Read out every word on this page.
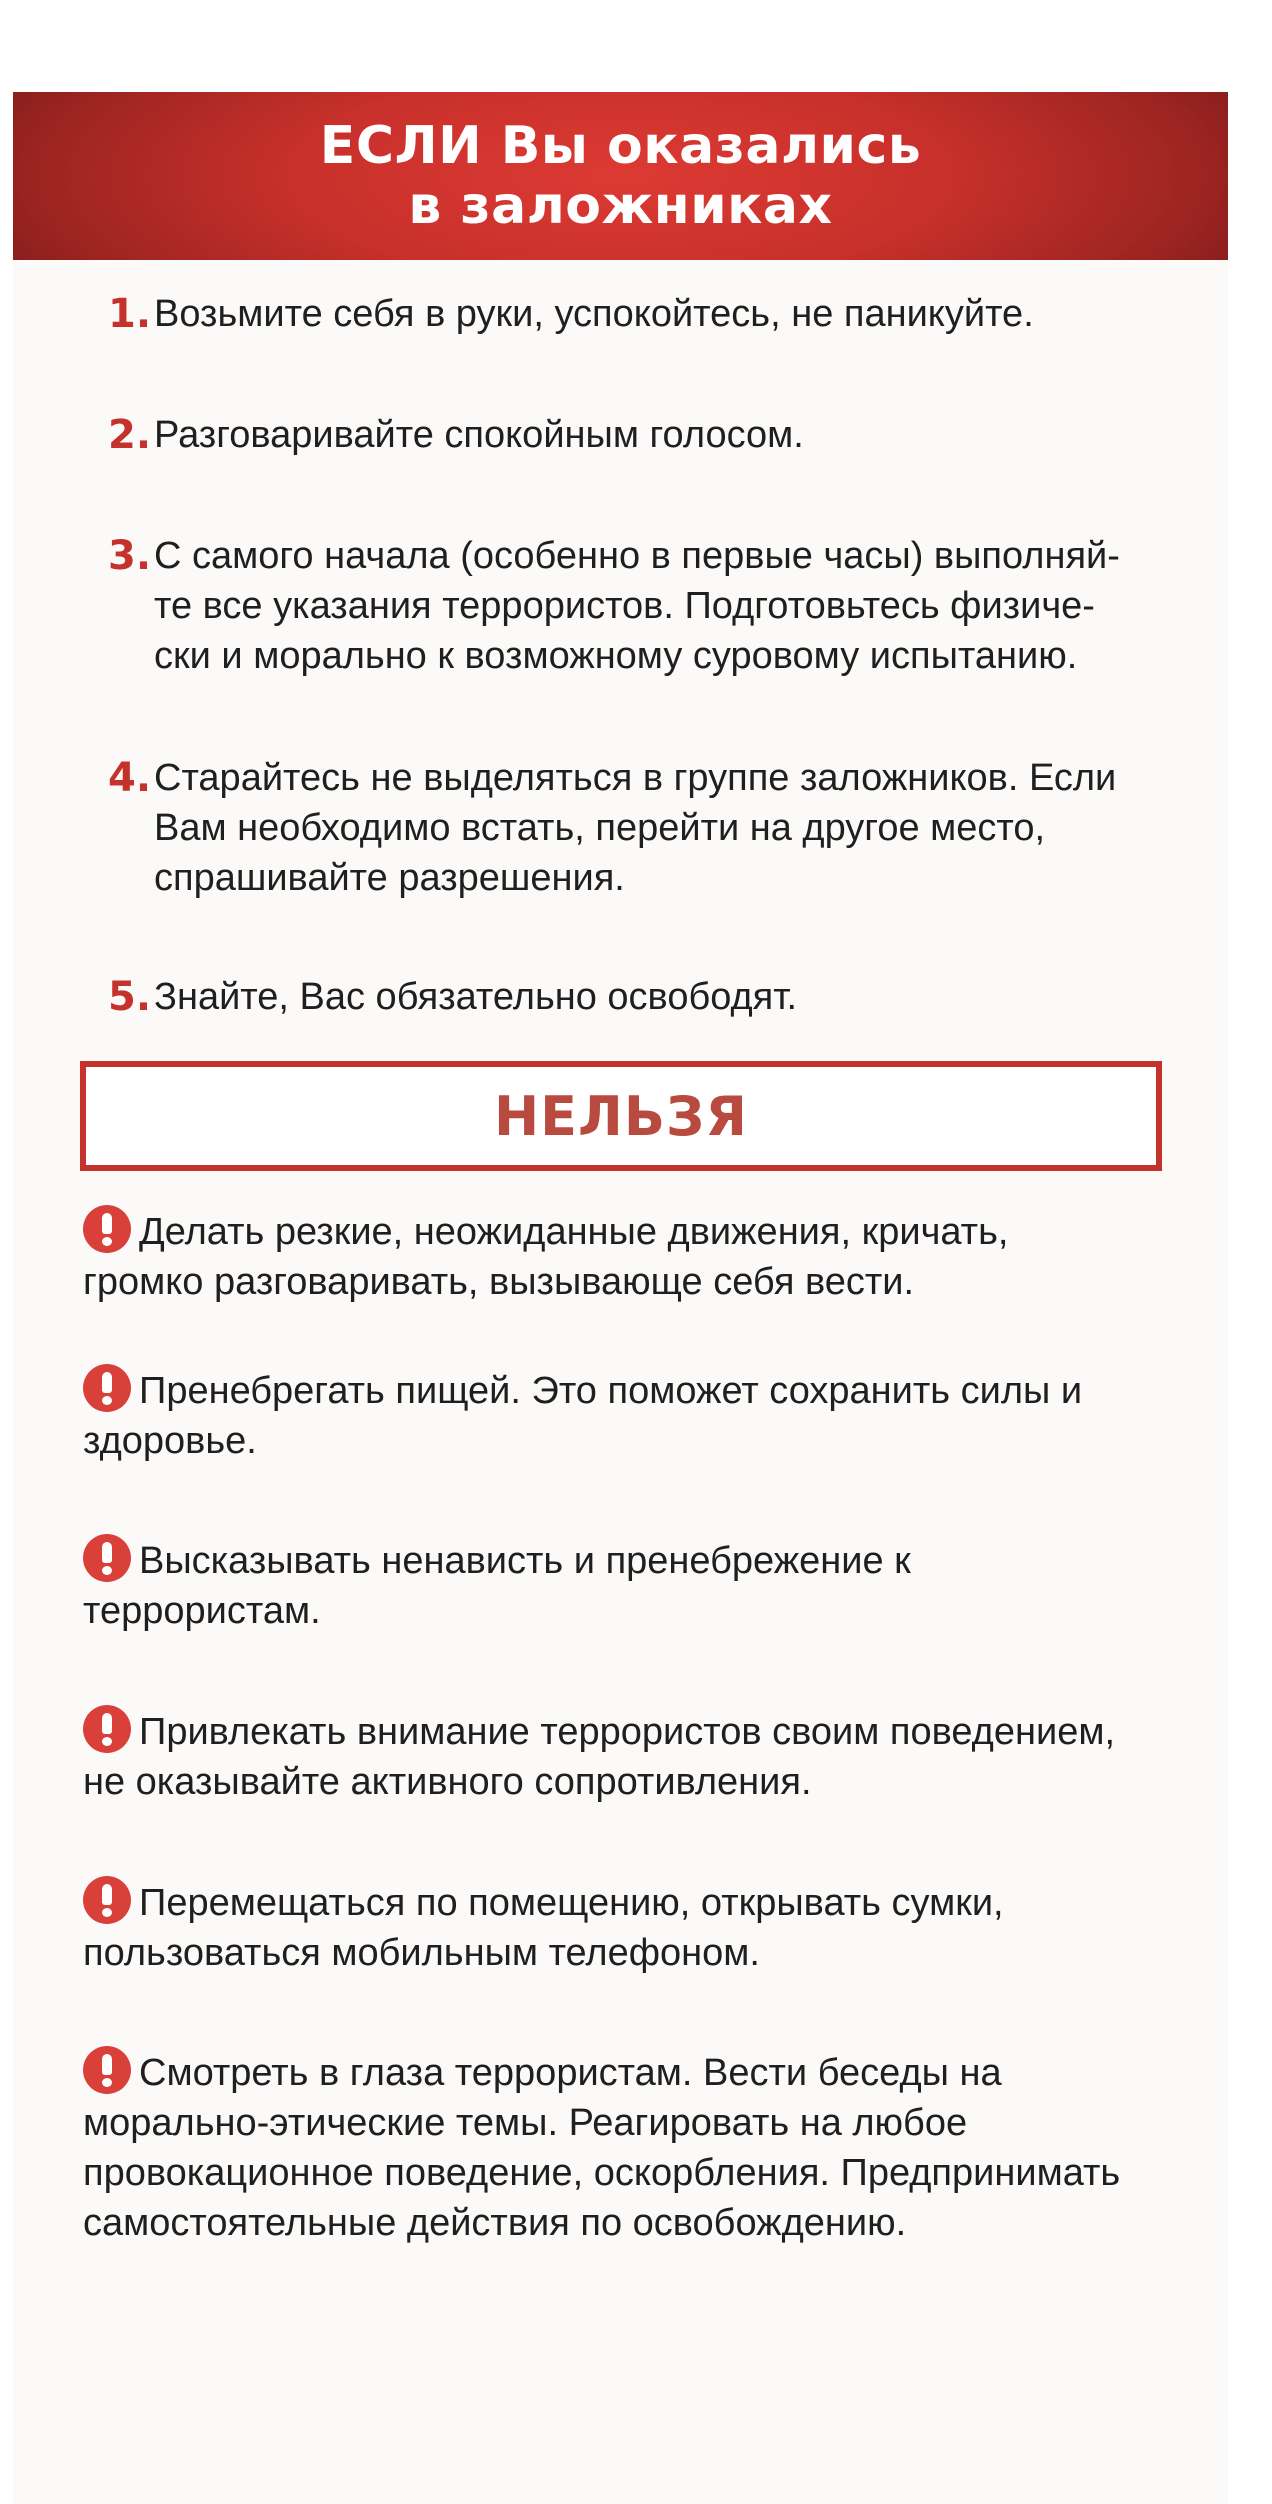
ЕСЛИ Вы оказались
в заложниках
1. Возьмите себя в руки, успокойтесь, не паникуйте.
2. Разговаривайте спокойным голосом.
3. С самого начала (особенно в первые часы) выполняй-
те все указания террористов. Подготовьтесь физиче-
ски и морально к возможному суровому испытанию.
4. Старайтесь не выделяться в группе заложников. Если
Вам необходимо встать, перейти на другое место,
спрашивайте разрешения.
5. Знайте, Вас обязательно освободят.
НЕЛЬЗЯ
Делать резкие, неожиданные движения, кричать,
громко разговаривать, вызывающе себя вести.
Пренебрегать пищей. Это поможет сохранить силы и
здоровье.
Высказывать ненависть и пренебрежение к
террористам.
Привлекать внимание террористов своим поведением,
не оказывайте активного сопротивления.
Перемещаться по помещению, открывать сумки,
пользоваться мобильным телефоном.
Смотреть в глаза террористам. Вести беседы на
морально-этические темы. Реагировать на любое
провокационное поведение, оскорбления. Предпринимать
самостоятельные действия по освобождению.
